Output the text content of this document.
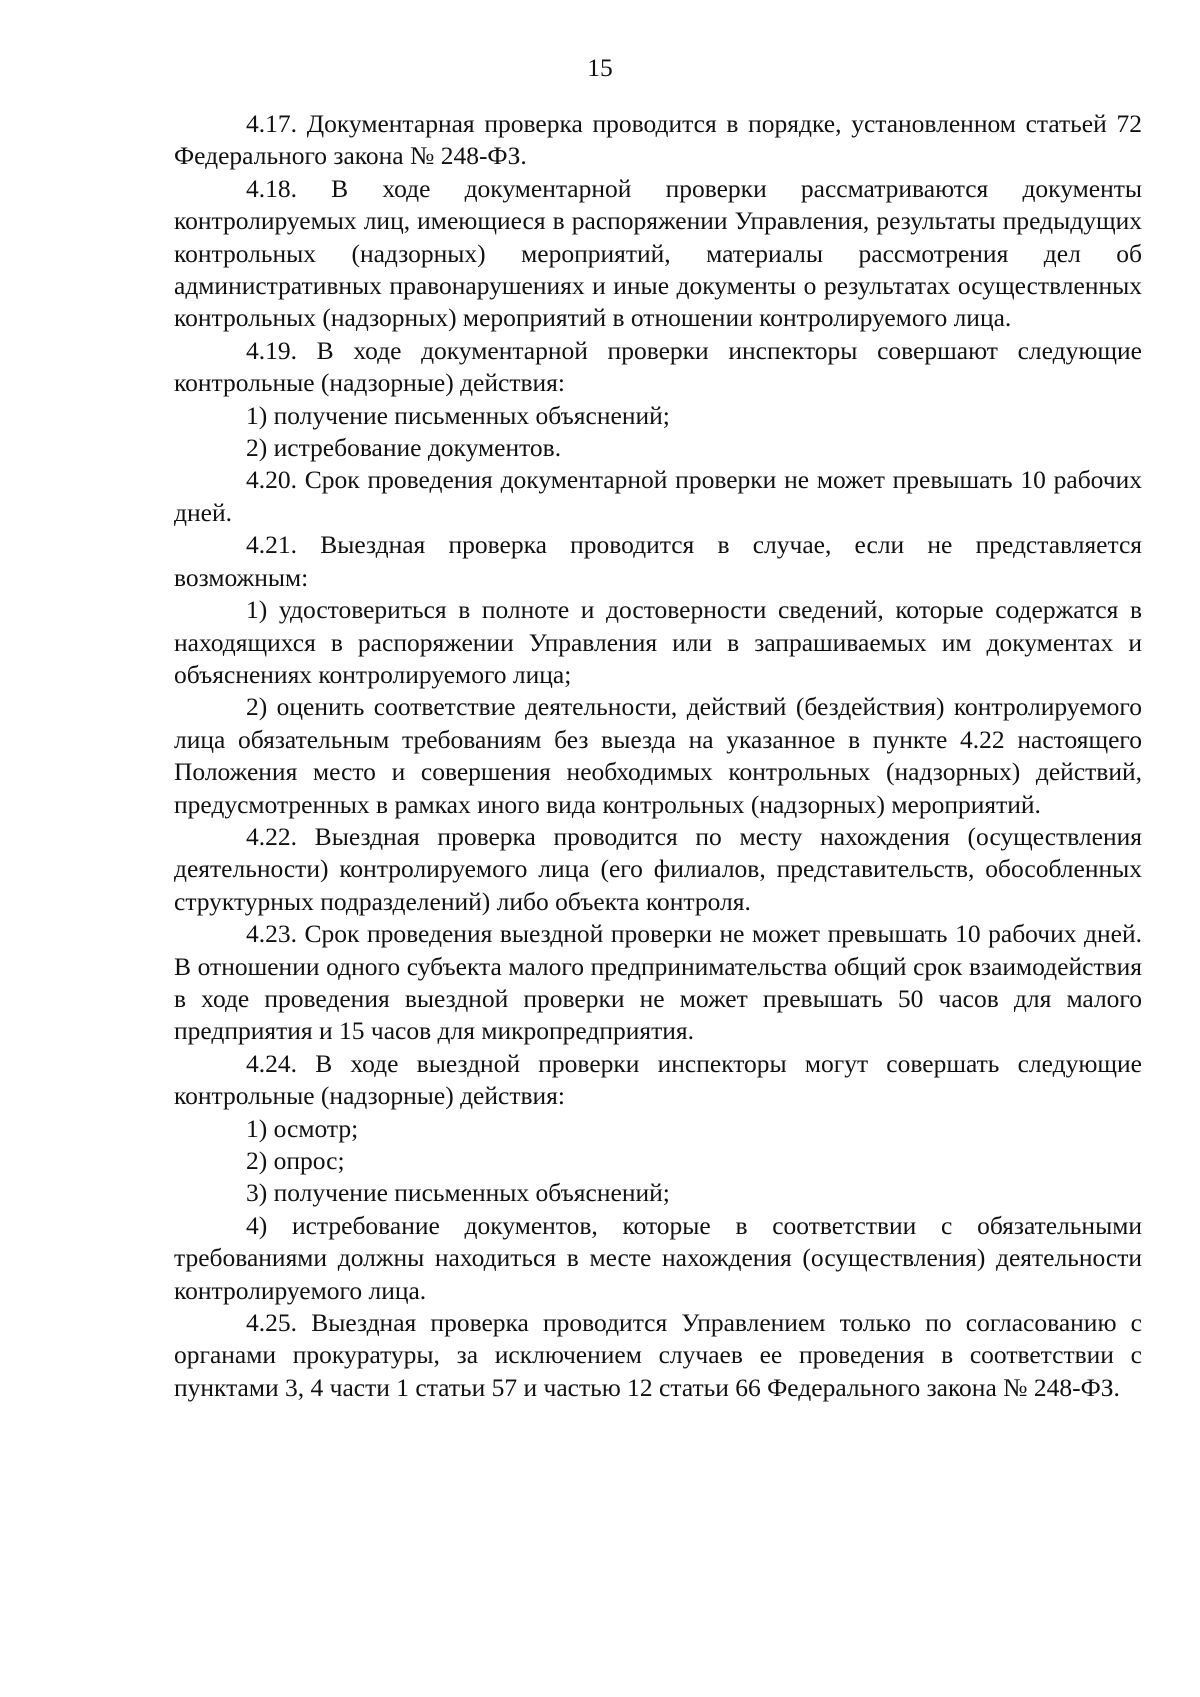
15

4.17. Документарная проверка проводится в порядке, установленном статьей 72 Федерального закона № 248-ФЗ.

4.18. В ходе документарной проверки рассматриваются документы контролируемых лиц, имеющиеся в распоряжении Управления, результаты предыдущих контрольных (надзорных) мероприятий, материалы рассмотрения дел об административных правонарушениях и иные документы о результатах осуществленных контрольных (надзорных) мероприятий в отношении контролируемого лица.

4.19. В ходе документарной проверки инспекторы совершают следующие контрольные (надзорные) действия:

1) получение письменных объяснений;

2) истребование документов.

4.20. Срок проведения документарной проверки не может превышать 10 рабочих дней.

4.21. Выездная проверка проводится в случае, если не представляется возможным:

1) удостовериться в полноте и достоверности сведений, которые содержатся в находящихся в распоряжении Управления или в запрашиваемых им документах и объяснениях контролируемого лица;

2) оценить соответствие деятельности, действий (бездействия) контролируемого лица обязательным требованиям без выезда на указанное в пункте 4.22 настоящего Положения место и совершения необходимых контрольных (надзорных) действий, предусмотренных в рамках иного вида контрольных (надзорных) мероприятий.

4.22. Выездная проверка проводится по месту нахождения (осуществления деятельности) контролируемого лица (его филиалов, представительств, обособленных структурных подразделений) либо объекта контроля.

4.23. Срок проведения выездной проверки не может превышать 10 рабочих дней. В отношении одного субъекта малого предпринимательства общий срок взаимодействия в ходе проведения выездной проверки не может превышать 50 часов для малого предприятия и 15 часов для микропредприятия.

4.24. В ходе выездной проверки инспекторы могут совершать следующие контрольные (надзорные) действия:

1) осмотр;

2) опрос;

3) получение письменных объяснений;

4) истребование документов, которые в соответствии с обязательными требованиями должны находиться в месте нахождения (осуществления) деятельности контролируемого лица.

4.25. Выездная проверка проводится Управлением только по согласованию с органами прокуратуры, за исключением случаев ее проведения в соответствии с пунктами 3, 4 части 1 статьи 57 и частью 12 статьи 66 Федерального закона № 248-ФЗ.
